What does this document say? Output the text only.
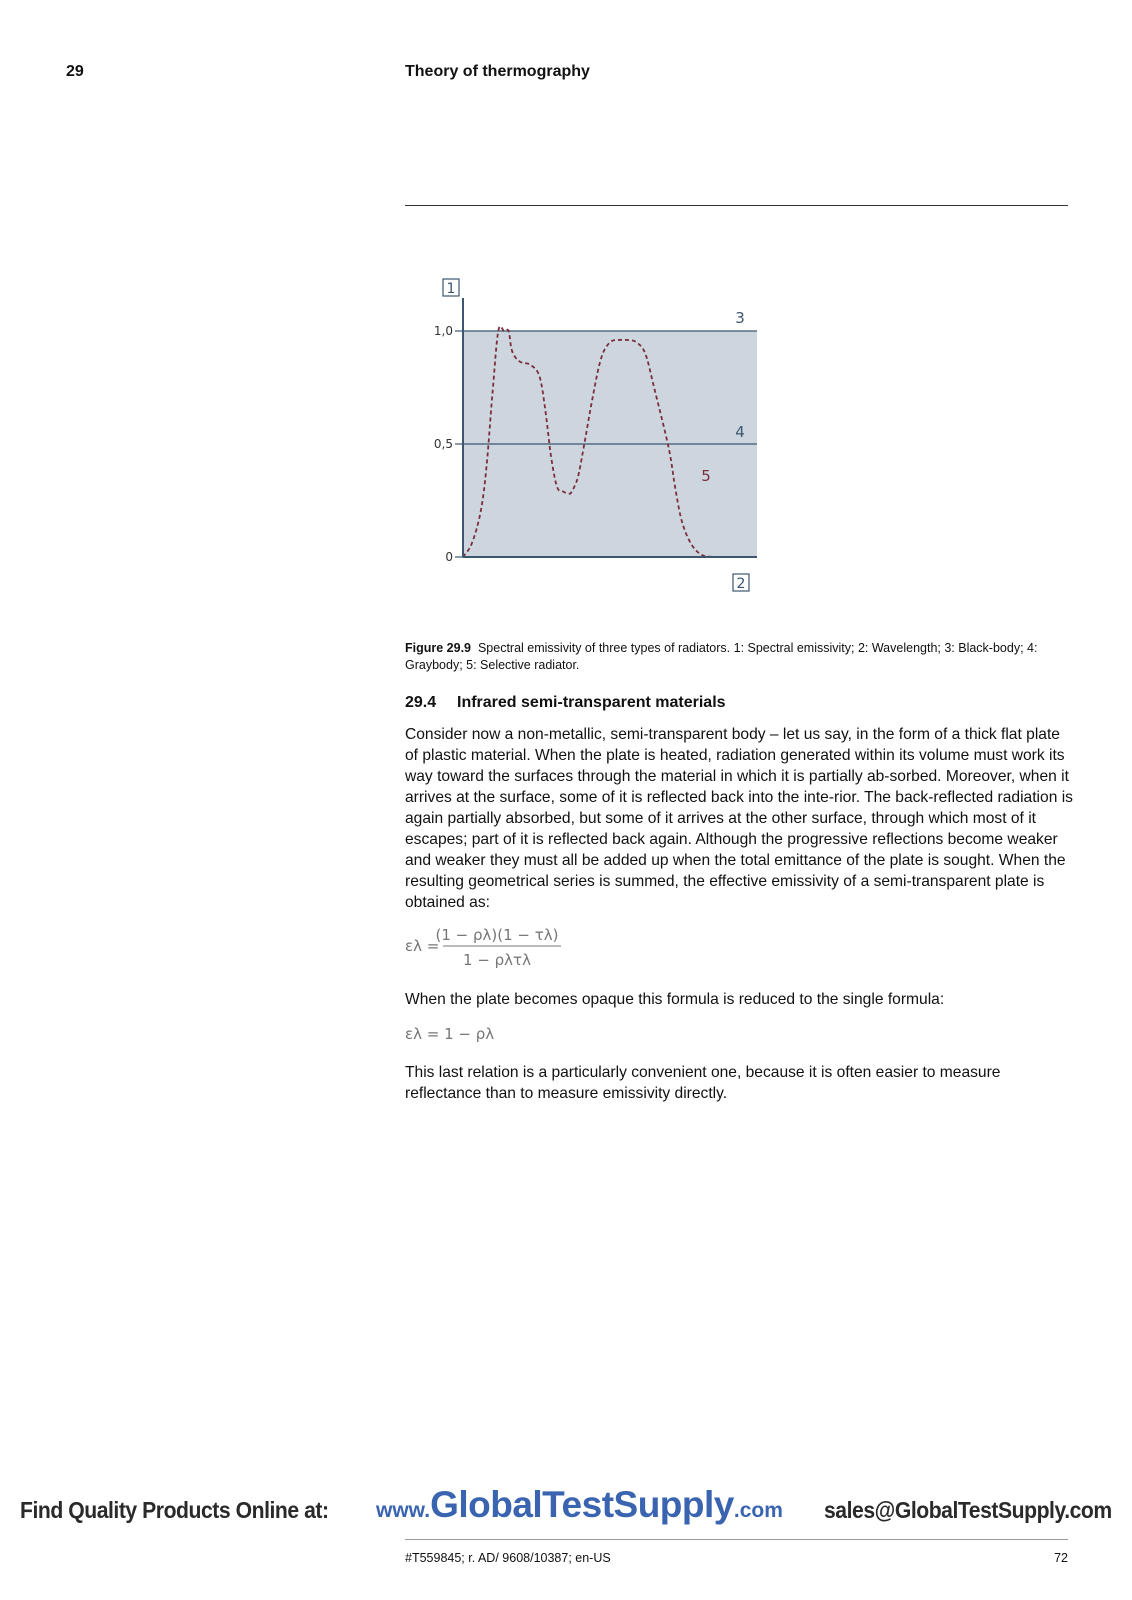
29	Theory of thermography
1,0
0,5
0
1
2
3
4
5
Figure 29.9 Spectral emissivity of three types of radiators. 1: Spectral emissivity; 2: Wavelength; 3: Black-body; 4: Graybody; 5: Selective radiator.
29.4 Infrared semi-transparent materials
Consider now a non-metallic, semi-transparent body – let us say, in the form of a thick flat plate of plastic material. When the plate is heated, radiation generated within its volume must work its way toward the surfaces through the material in which it is partially ab-sorbed. Moreover, when it arrives at the surface, some of it is reflected back into the inte-rior. The back-reflected radiation is again partially absorbed, but some of it arrives at the other surface, through which most of it escapes; part of it is reflected back again. Although the progressive reflections become weaker and weaker they must all be added up when the total emittance of the plate is sought. When the resulting geometrical series is summed, the effective emissivity of a semi-transparent plate is obtained as:
ελ =
(1 − ρλ)(1 − τλ)
1 − ρλτλ
When the plate becomes opaque this formula is reduced to the single formula:
ελ = 1 − ρλ
This last relation is a particularly convenient one, because it is often easier to measure reflectance than to measure emissivity directly.
Find Quality Products Online at: www.GlobalTestSupply.com sales@GlobalTestSupply.com
#T559845; r. AD/ 9608/10387; en-US	72
